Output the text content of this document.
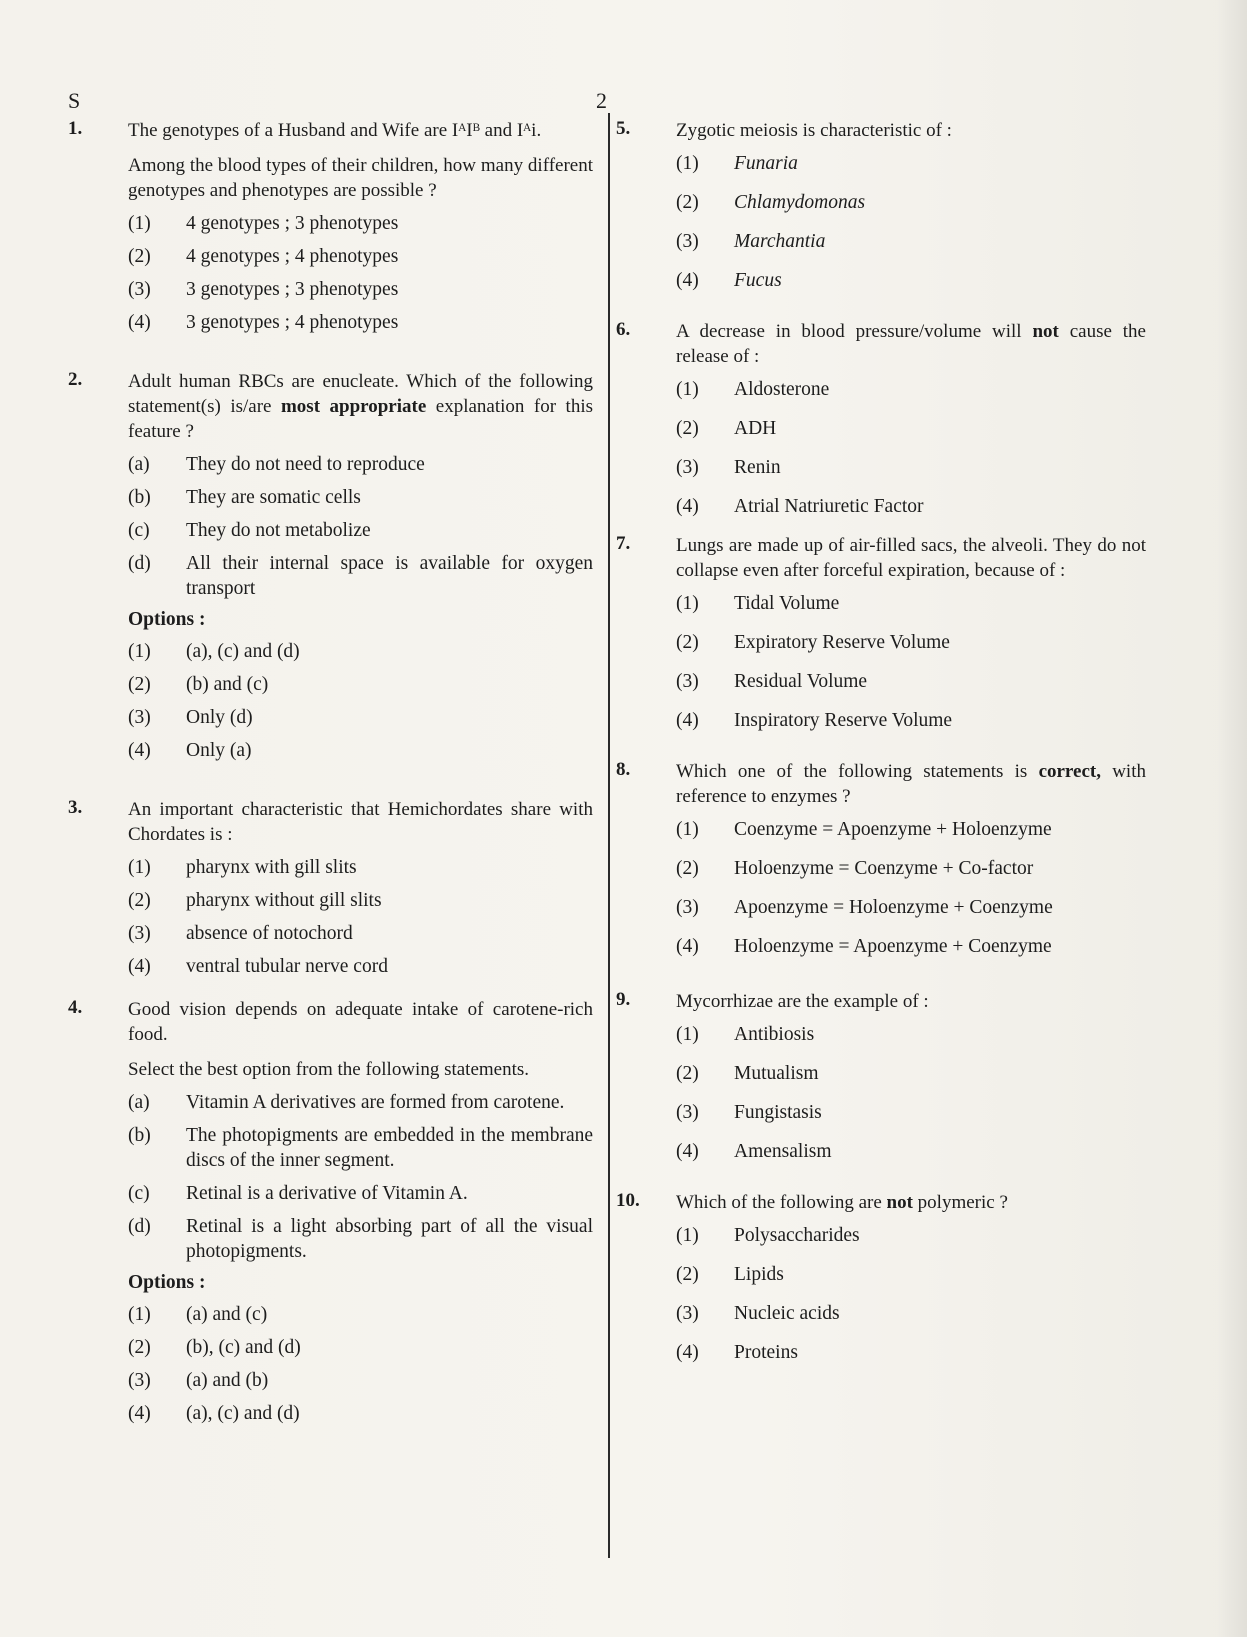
S	2
1. The genotypes of a Husband and Wife are IᴬIᴮ and Iᴬi.

Among the blood types of their children, how many different genotypes and phenotypes are possible ?

(1)	4 genotypes ; 3 phenotypes
(2)	4 genotypes ; 4 phenotypes
(3)	3 genotypes ; 3 phenotypes
(4)	3 genotypes ; 4 phenotypes
2. Adult human RBCs are enucleate. Which of the following statement(s) is/are most appropriate explanation for this feature ?

(a)	They do not need to reproduce
(b)	They are somatic cells
(c)	They do not metabolize
(d)	All their internal space is available for oxygen transport
Options :
(1)	(a), (c) and (d)
(2)	(b) and (c)
(3)	Only (d)
(4)	Only (a)
3. An important characteristic that Hemichordates share with Chordates is :

(1)	pharynx with gill slits
(2)	pharynx without gill slits
(3)	absence of notochord
(4)	ventral tubular nerve cord
4. Good vision depends on adequate intake of carotene-rich food.

Select the best option from the following statements.

(a)	Vitamin A derivatives are formed from carotene.
(b)	The photopigments are embedded in the membrane discs of the inner segment.
(c)	Retinal is a derivative of Vitamin A.
(d)	Retinal is a light absorbing part of all the visual photopigments.
Options :
(1)	(a) and (c)
(2)	(b), (c) and (d)
(3)	(a) and (b)
(4)	(a), (c) and (d)
5. Zygotic meiosis is characteristic of :

(1)	Funaria
(2)	Chlamydomonas
(3)	Marchantia
(4)	Fucus
6. A decrease in blood pressure/volume will not cause the release of :

(1)	Aldosterone
(2)	ADH
(3)	Renin
(4)	Atrial Natriuretic Factor
7. Lungs are made up of air-filled sacs, the alveoli. They do not collapse even after forceful expiration, because of :

(1)	Tidal Volume
(2)	Expiratory Reserve Volume
(3)	Residual Volume
(4)	Inspiratory Reserve Volume
8. Which one of the following statements is correct, with reference to enzymes ?

(1)	Coenzyme = Apoenzyme + Holoenzyme
(2)	Holoenzyme = Coenzyme + Co-factor
(3)	Apoenzyme = Holoenzyme + Coenzyme
(4)	Holoenzyme = Apoenzyme + Coenzyme
9. Mycorrhizae are the example of :

(1)	Antibiosis
(2)	Mutualism
(3)	Fungistasis
(4)	Amensalism
10. Which of the following are not polymeric ?

(1)	Polysaccharides
(2)	Lipids
(3)	Nucleic acids
(4)	Proteins
